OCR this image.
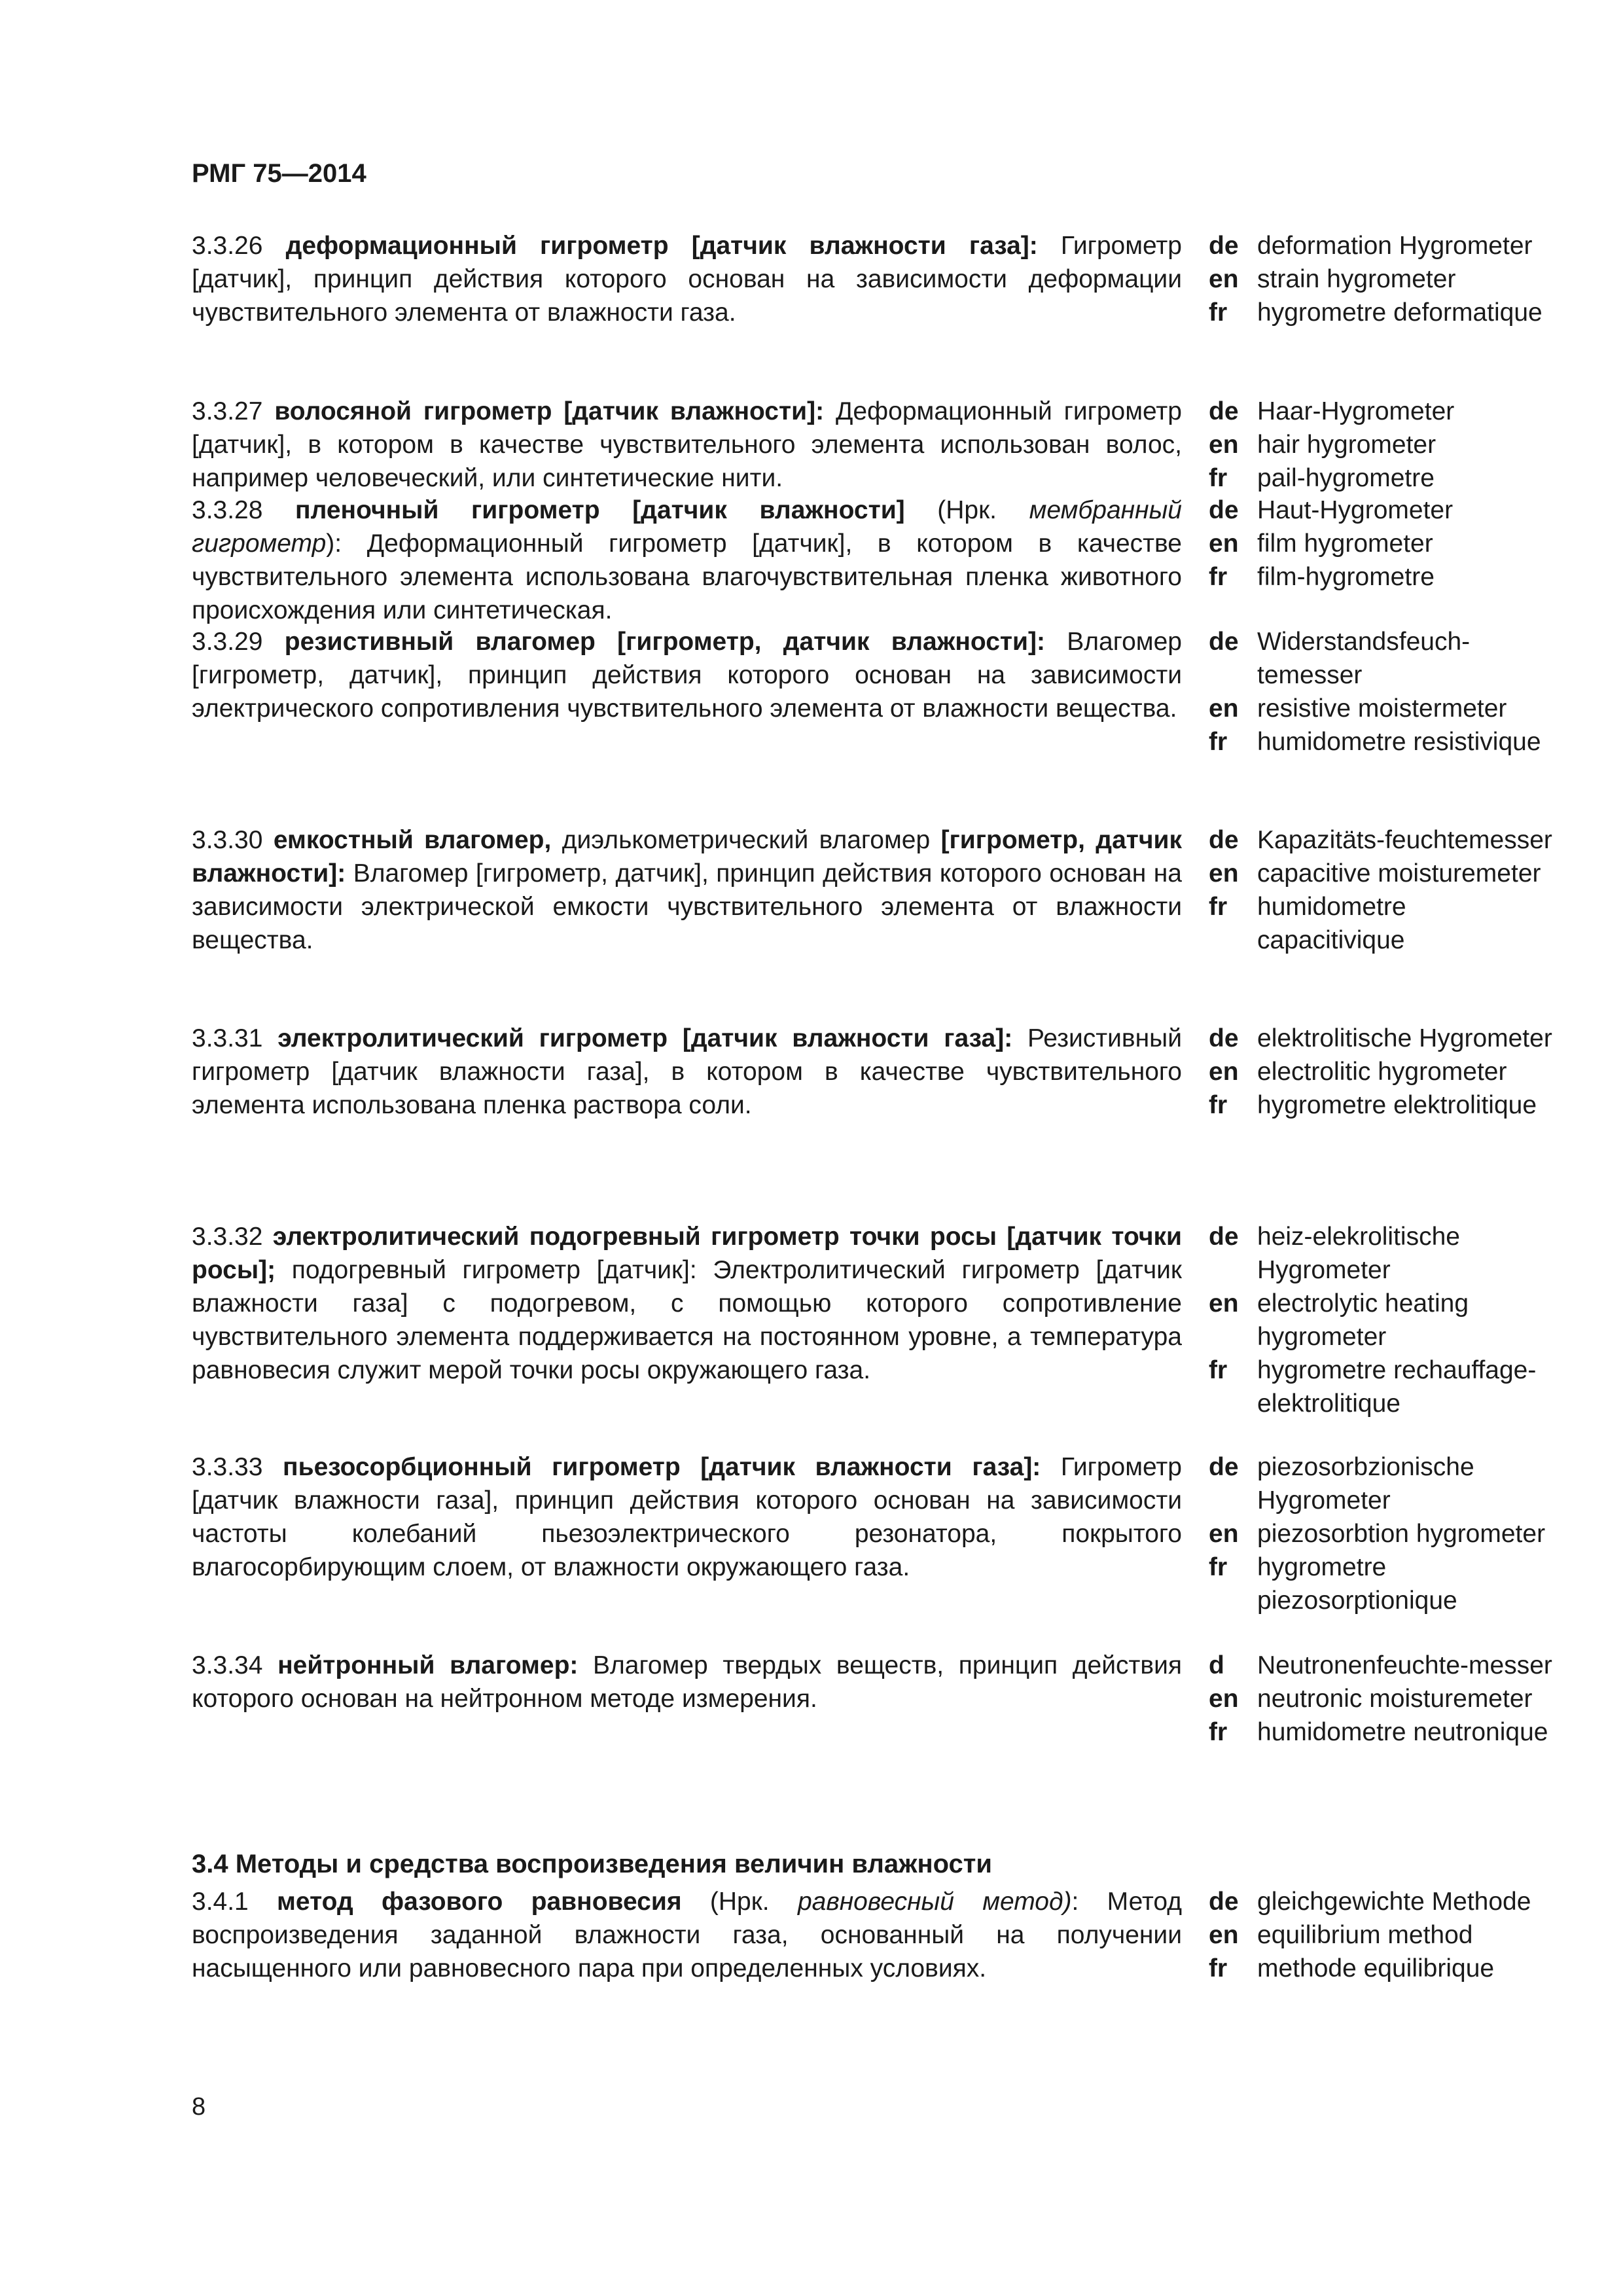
РМГ 75—2014
3.3.26 деформационный гигрометр [датчик влажности газа]: Гигрометр [датчик], принцип действия которого основан на зависимости деформации чувствительного элемента от влажности газа.
de deformation Hygrometer
en strain hygrometer
fr hygrometre deformatique
3.3.27 волосяной гигрометр [датчик влажности]: Деформационный гигрометр [датчик], в котором в качестве чувствительного элемента использован волос, например человеческий, или синтетические нити.
de Haar-Hygrometer
en hair hygrometer
fr pail-hygrometre
3.3.28 пленочный гигрометр [датчик влажности] (Нрк. мембранный гигрометр): Деформационный гигрометр [датчик], в котором в качестве чувствительного элемента использована влагочувствительная пленка животного происхождения или синтетическая.
de Haut-Hygrometer
en film hygrometer
fr film-hygrometre
3.3.29 резистивный влагомер [гигрометр, датчик влажности]: Влагомер [гигрометр, датчик], принцип действия которого основан на зависимости электрического сопротивления чувствительного элемента от влажности вещества.
de Widerstandsfeuch-temesser
en resistive moistermeter
fr humidometre resistivique
3.3.30 емкостный влагомер, диэлькометрический влагомер [гигрометр, датчик влажности]: Влагомер [гигрометр, датчик], принцип действия которого основан на зависимости электрической емкости чувствительного элемента от влажности вещества.
de Kapazitäts-feuchtemesser
en capacitive moisturemeter
fr humidometre capacitivique
3.3.31 электролитический гигрометр [датчик влажности газа]: Резистивный гигрометр [датчик влажности газа], в котором в качестве чувствительного элемента использована пленка раствора соли.
de elektrolitische Hygrometer
en electrolitic hygrometer
fr hygrometre elektrolitique
3.3.32 электролитический подогревный гигрометр точки росы [датчик точки росы]; подогревный гигрометр [датчик]: Электролитический гигрометр [датчик влажности газа] с подогревом, с помощью которого сопротивление чувствительного элемента поддерживается на постоянном уровне, а температура равновесия служит мерой точки росы окружающего газа.
de heiz-elekrolitische Hygrometer
en electrolytic heating hygrometer
fr hygrometre rechauffage-elektrolitique
3.3.33 пьезосорбционный гигрометр [датчик влажности газа]: Гигрометр [датчик влажности газа], принцип действия которого основан на зависимости частоты колебаний пьезоэлектрического резонатора, покрытого влагосорбирующим слоем, от влажности окружающего газа.
de piezosorbzionische Hygrometer
en piezosorbtion hygrometer
fr hygrometre piezosorptionique
3.3.34 нейтронный влагомер: Влагомер твердых веществ, принцип действия которого основан на нейтронном методе измерения.
d Neutronenfeuchte-messer
en neutronic moisturemeter
fr humidometre neutronique
3.4 Методы и средства воспроизведения величин влажности
3.4.1 метод фазового равновесия (Нрк. равновесный метод): Метод воспроизведения заданной влажности газа, основанный на получении насыщенного или равновесного пара при определенных условиях.
de gleichgewichte Methode
en equilibrium method
fr methode equilibrique
8
